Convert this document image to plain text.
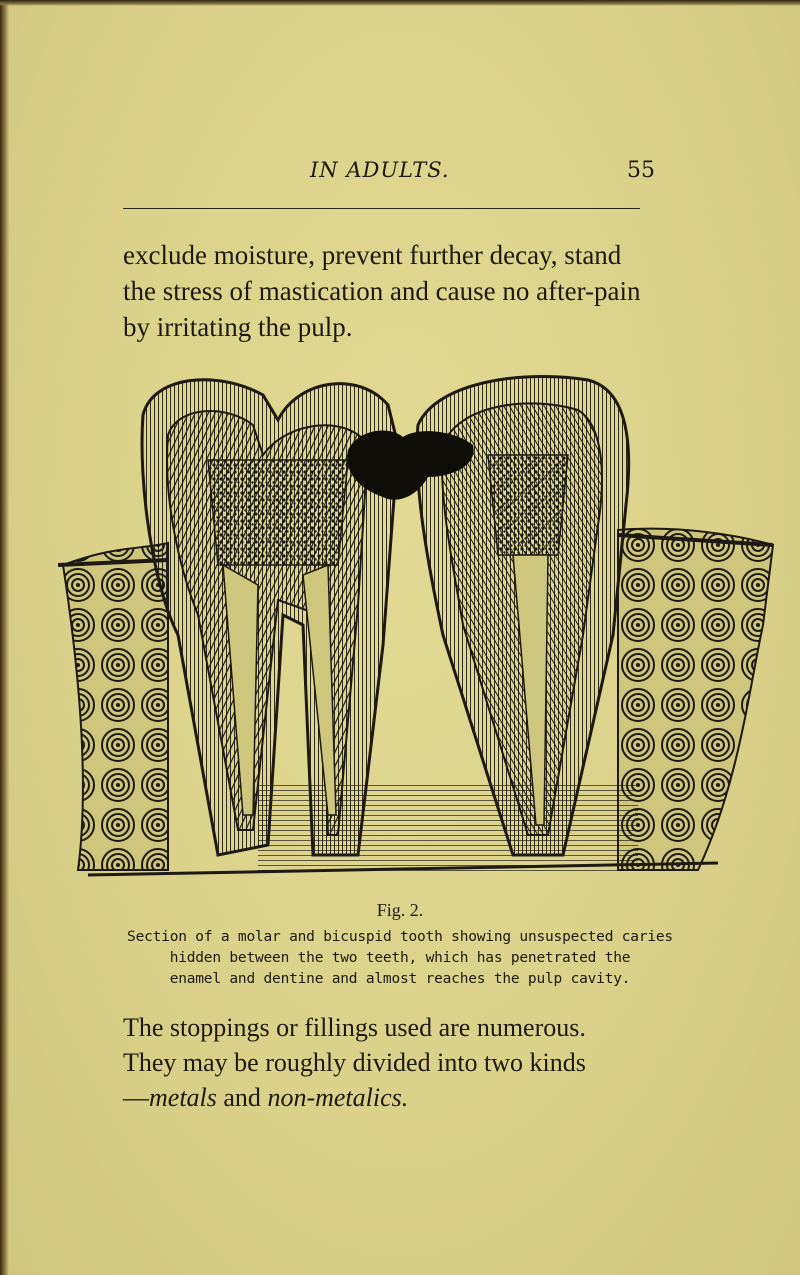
IN ADULTS.	55
exclude moisture, prevent further decay, stand
the stress of mastication and cause no after-pain
by irritating the pulp.
Fig. 2.
Section of a molar and bicuspid tooth showing unsuspected caries
hidden between the two teeth, which has penetrated the
enamel and dentine and almost reaches the pulp cavity.
The stoppings or fillings used are numerous.
They may be roughly divided into two kinds
—metals and non-metalics.
